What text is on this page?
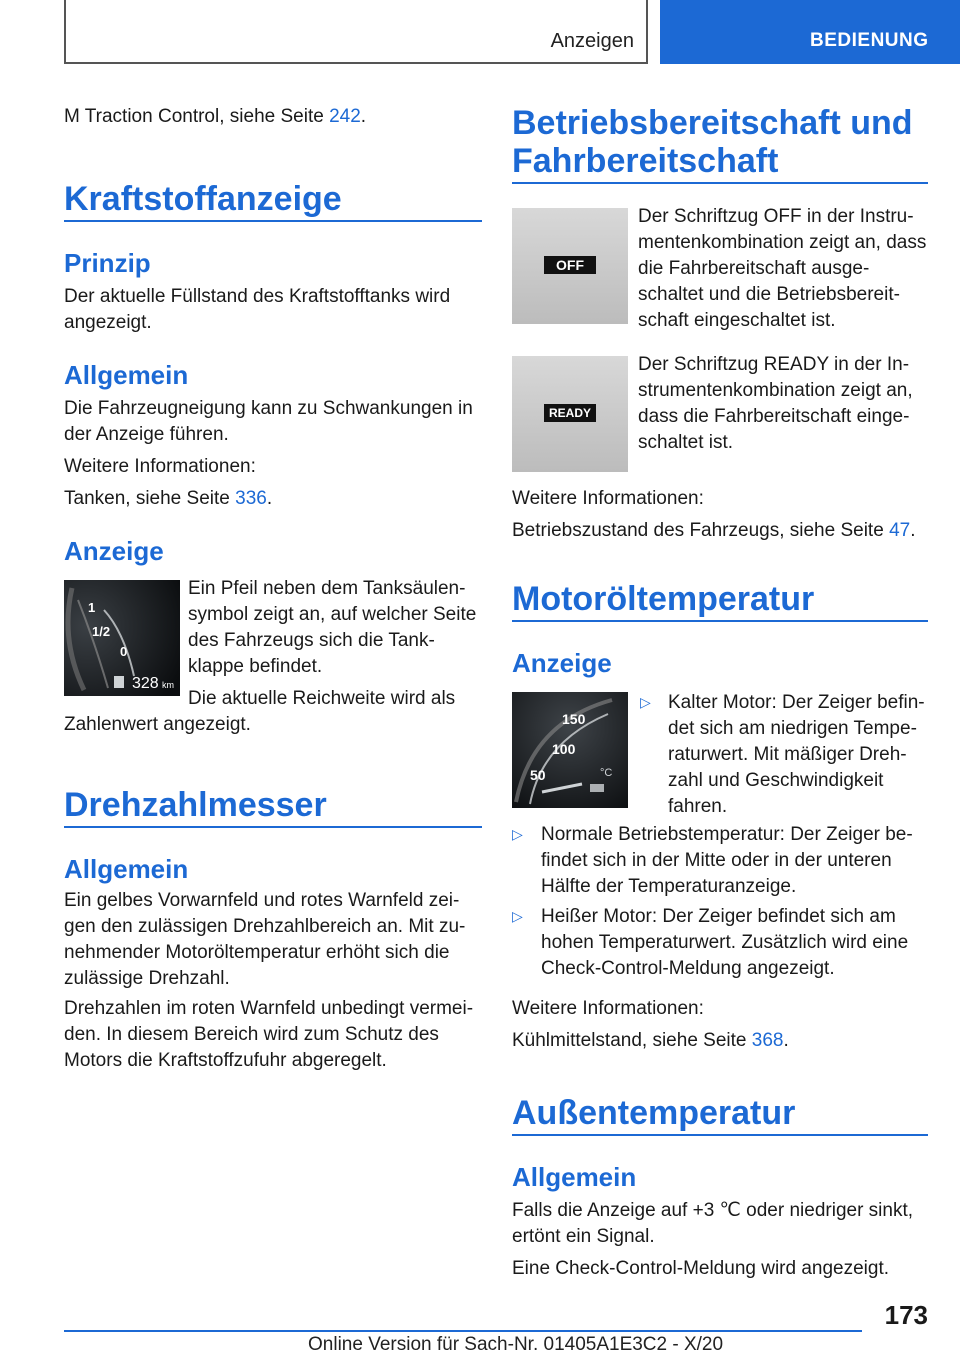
Anzeigen	BEDIENUNG

M Traction Control, siehe Seite 242.

Kraftstoffanzeige
Prinzip

Der aktuelle Füllstand des Kraftstofftanks wird angezeigt.

Allgemein

Die Fahrzeugneigung kann zu Schwankungen in der Anzeige führen.

Weitere Informationen:

Tanken, siehe Seite 336.

Anzeige
1
1/2
0
328 km

Ein Pfeil neben dem Tanksäulensymbol zeigt an, auf welcher Seite des Fahrzeugs sich die Tankklappe befindet.

Die aktuelle Reichweite wird als Zahlenwert angezeigt.

Drehzahlmesser
Allgemein

Ein gelbes Vorwarnfeld und rotes Warnfeld zeigen den zulässigen Drehzahlbereich an. Mit zunehmender Motoröltemperatur erhöht sich die zulässige Drehzahl.

Drehzahlen im roten Warnfeld unbedingt vermeiden. In diesem Bereich wird zum Schutz des Motors die Kraftstoffzufuhr abgeregelt.

Betriebsbereitschaft und Fahrbereitschaft
OFF

Der Schriftzug OFF in der Instrumentenkombination zeigt an, dass die Fahrbereitschaft ausgeschaltet und die Betriebsbereitschaft eingeschaltet ist.

READY

Der Schriftzug READY in der Instrumentenkombination zeigt an, dass die Fahrbereitschaft eingeschaltet ist.

Weitere Informationen:

Betriebszustand des Fahrzeugs, siehe Seite 47.

Motoröltemperatur
Anzeige
150
100
50	°C
▷ Kalter Motor: Der Zeiger befindet sich am niedrigen Temperaturwert. Mit mäßiger Drehzahl und Geschwindigkeit fahren.

▷ Normale Betriebstemperatur: Der Zeiger befindet sich in der Mitte oder in der unteren Hälfte der Temperaturanzeige.

▷ Heißer Motor: Der Zeiger befindet sich am hohen Temperaturwert. Zusätzlich wird eine Check-Control-Meldung angezeigt.

Weitere Informationen:

Kühlmittelstand, siehe Seite 368.

Außentemperatur
Allgemein

Falls die Anzeige auf +3 ℃ oder niedriger sinkt, ertönt ein Signal.

Eine Check-Control-Meldung wird angezeigt.

173
Online Version für Sach-Nr. 01405A1E3C2 - X/20
